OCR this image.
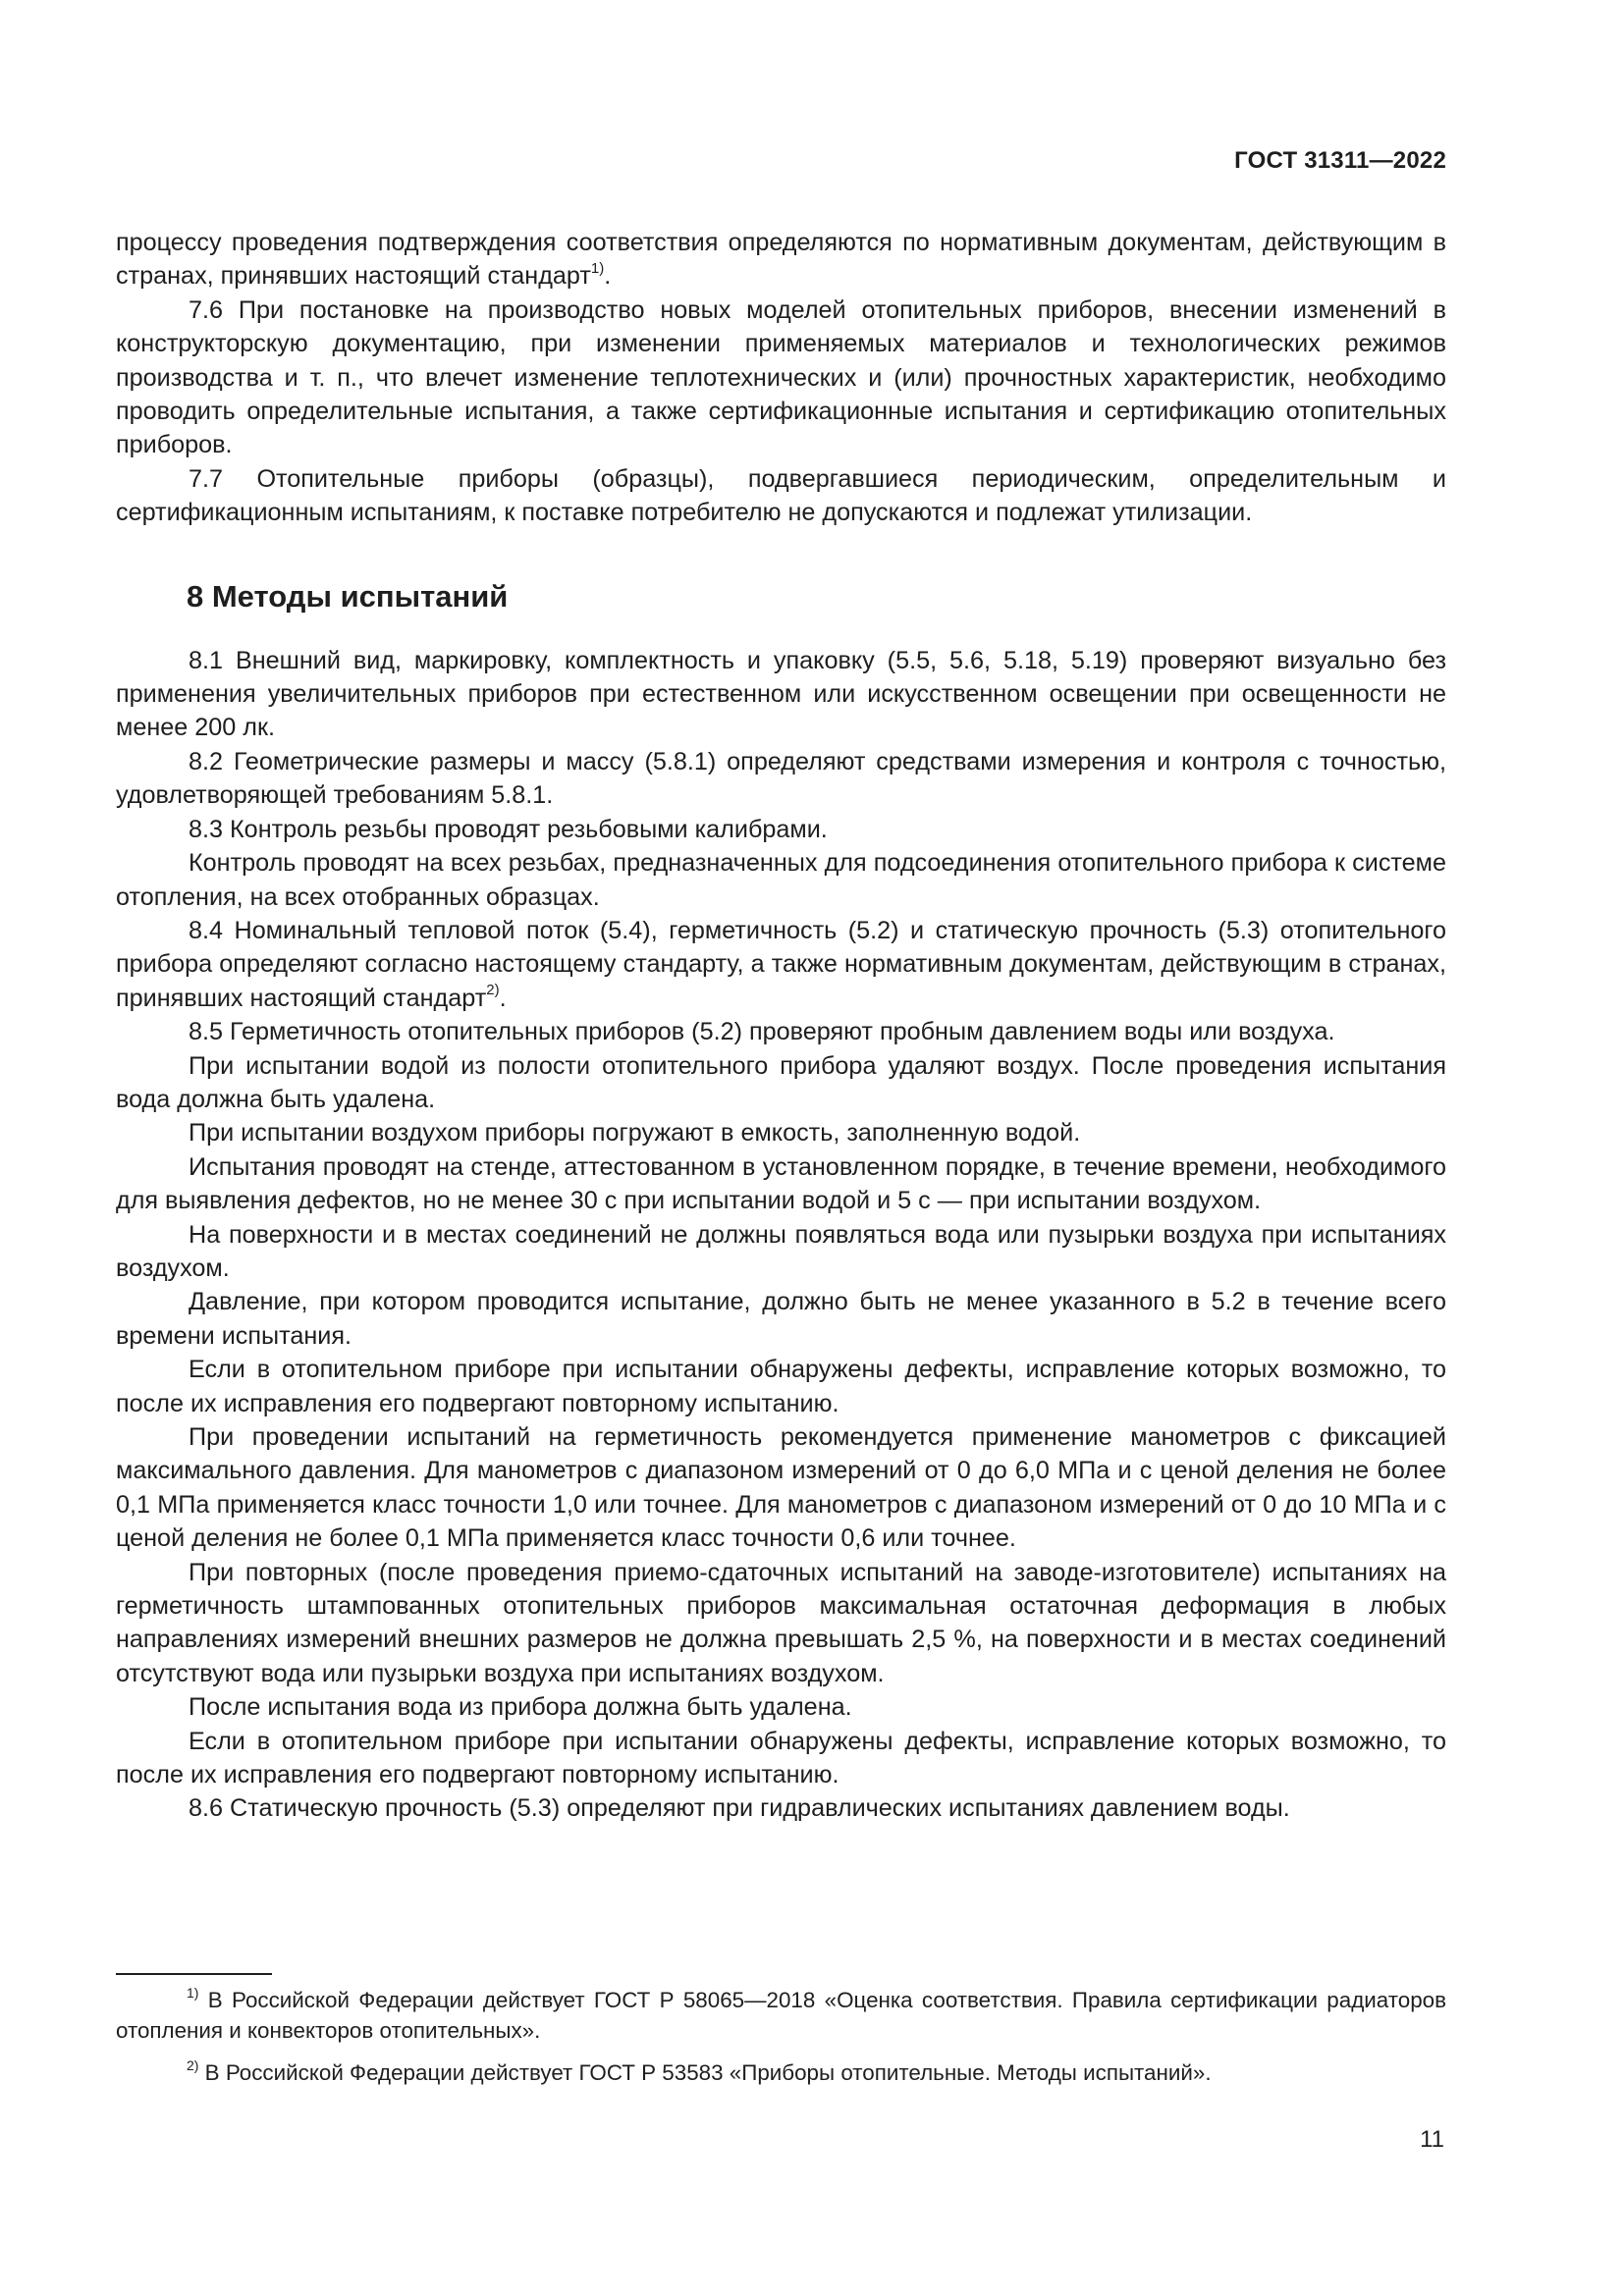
ГОСТ 31311—2022

процессу проведения подтверждения соответствия определяются по нормативным документам, действующим в странах, принявших настоящий стандарт$^{1)}$.

7.6 При постановке на производство новых моделей отопительных приборов, внесении изменений в конструкторскую документацию, при изменении применяемых материалов и технологических режимов производства и т. п., что влечет изменение теплотехнических и (или) прочностных характеристик, необходимо проводить определительные испытания, а также сертификационные испытания и сертификацию отопительных приборов.

7.7 Отопительные приборы (образцы), подвергавшиеся периодическим, определительным и сертификационным испытаниям, к поставке потребителю не допускаются и подлежат утилизации.

8 Методы испытаний

8.1 Внешний вид, маркировку, комплектность и упаковку (5.5, 5.6, 5.18, 5.19) проверяют визуально без применения увеличительных приборов при естественном или искусственном освещении при освещенности не менее 200 лк.

8.2 Геометрические размеры и массу (5.8.1) определяют средствами измерения и контроля с точностью, удовлетворяющей требованиям 5.8.1.

8.3 Контроль резьбы проводят резьбовыми калибрами.

Контроль проводят на всех резьбах, предназначенных для подсоединения отопительного прибора к системе отопления, на всех отобранных образцах.

8.4 Номинальный тепловой поток (5.4), герметичность (5.2) и статическую прочность (5.3) отопительного прибора определяют согласно настоящему стандарту, а также нормативным документам, действующим в странах, принявших настоящий стандарт$^{2)}$.

8.5 Герметичность отопительных приборов (5.2) проверяют пробным давлением воды или воздуха.

При испытании водой из полости отопительного прибора удаляют воздух. После проведения испытания вода должна быть удалена.

При испытании воздухом приборы погружают в емкость, заполненную водой.

Испытания проводят на стенде, аттестованном в установленном порядке, в течение времени, необходимого для выявления дефектов, но не менее 30 с при испытании водой и 5 с — при испытании воздухом.

На поверхности и в местах соединений не должны появляться вода или пузырьки воздуха при испытаниях воздухом.

Давление, при котором проводится испытание, должно быть не менее указанного в 5.2 в течение всего времени испытания.

Если в отопительном приборе при испытании обнаружены дефекты, исправление которых возможно, то после их исправления его подвергают повторному испытанию.

При проведении испытаний на герметичность рекомендуется применение манометров с фиксацией максимального давления. Для манометров с диапазоном измерений от 0 до 6,0 МПа и с ценой деления не более 0,1 МПа применяется класс точности 1,0 или точнее. Для манометров с диапазоном измерений от 0 до 10 МПа и с ценой деления не более 0,1 МПа применяется класс точности 0,6 или точнее.

При повторных (после проведения приемо-сдаточных испытаний на заводе-изготовителе) испытаниях на герметичность штампованных отопительных приборов максимальная остаточная деформация в любых направлениях измерений внешних размеров не должна превышать 2,5 %, на поверхности и в местах соединений отсутствуют вода или пузырьки воздуха при испытаниях воздухом.

После испытания вода из прибора должна быть удалена.

Если в отопительном приборе при испытании обнаружены дефекты, исправление которых возможно, то после их исправления его подвергают повторному испытанию.

8.6 Статическую прочность (5.3) определяют при гидравлических испытаниях давлением воды.

$^{1)}$ В Российской Федерации действует ГОСТ Р 58065—2018 «Оценка соответствия. Правила сертификации радиаторов отопления и конвекторов отопительных».

$^{2)}$ В Российской Федерации действует ГОСТ Р 53583 «Приборы отопительные. Методы испытаний».

11
